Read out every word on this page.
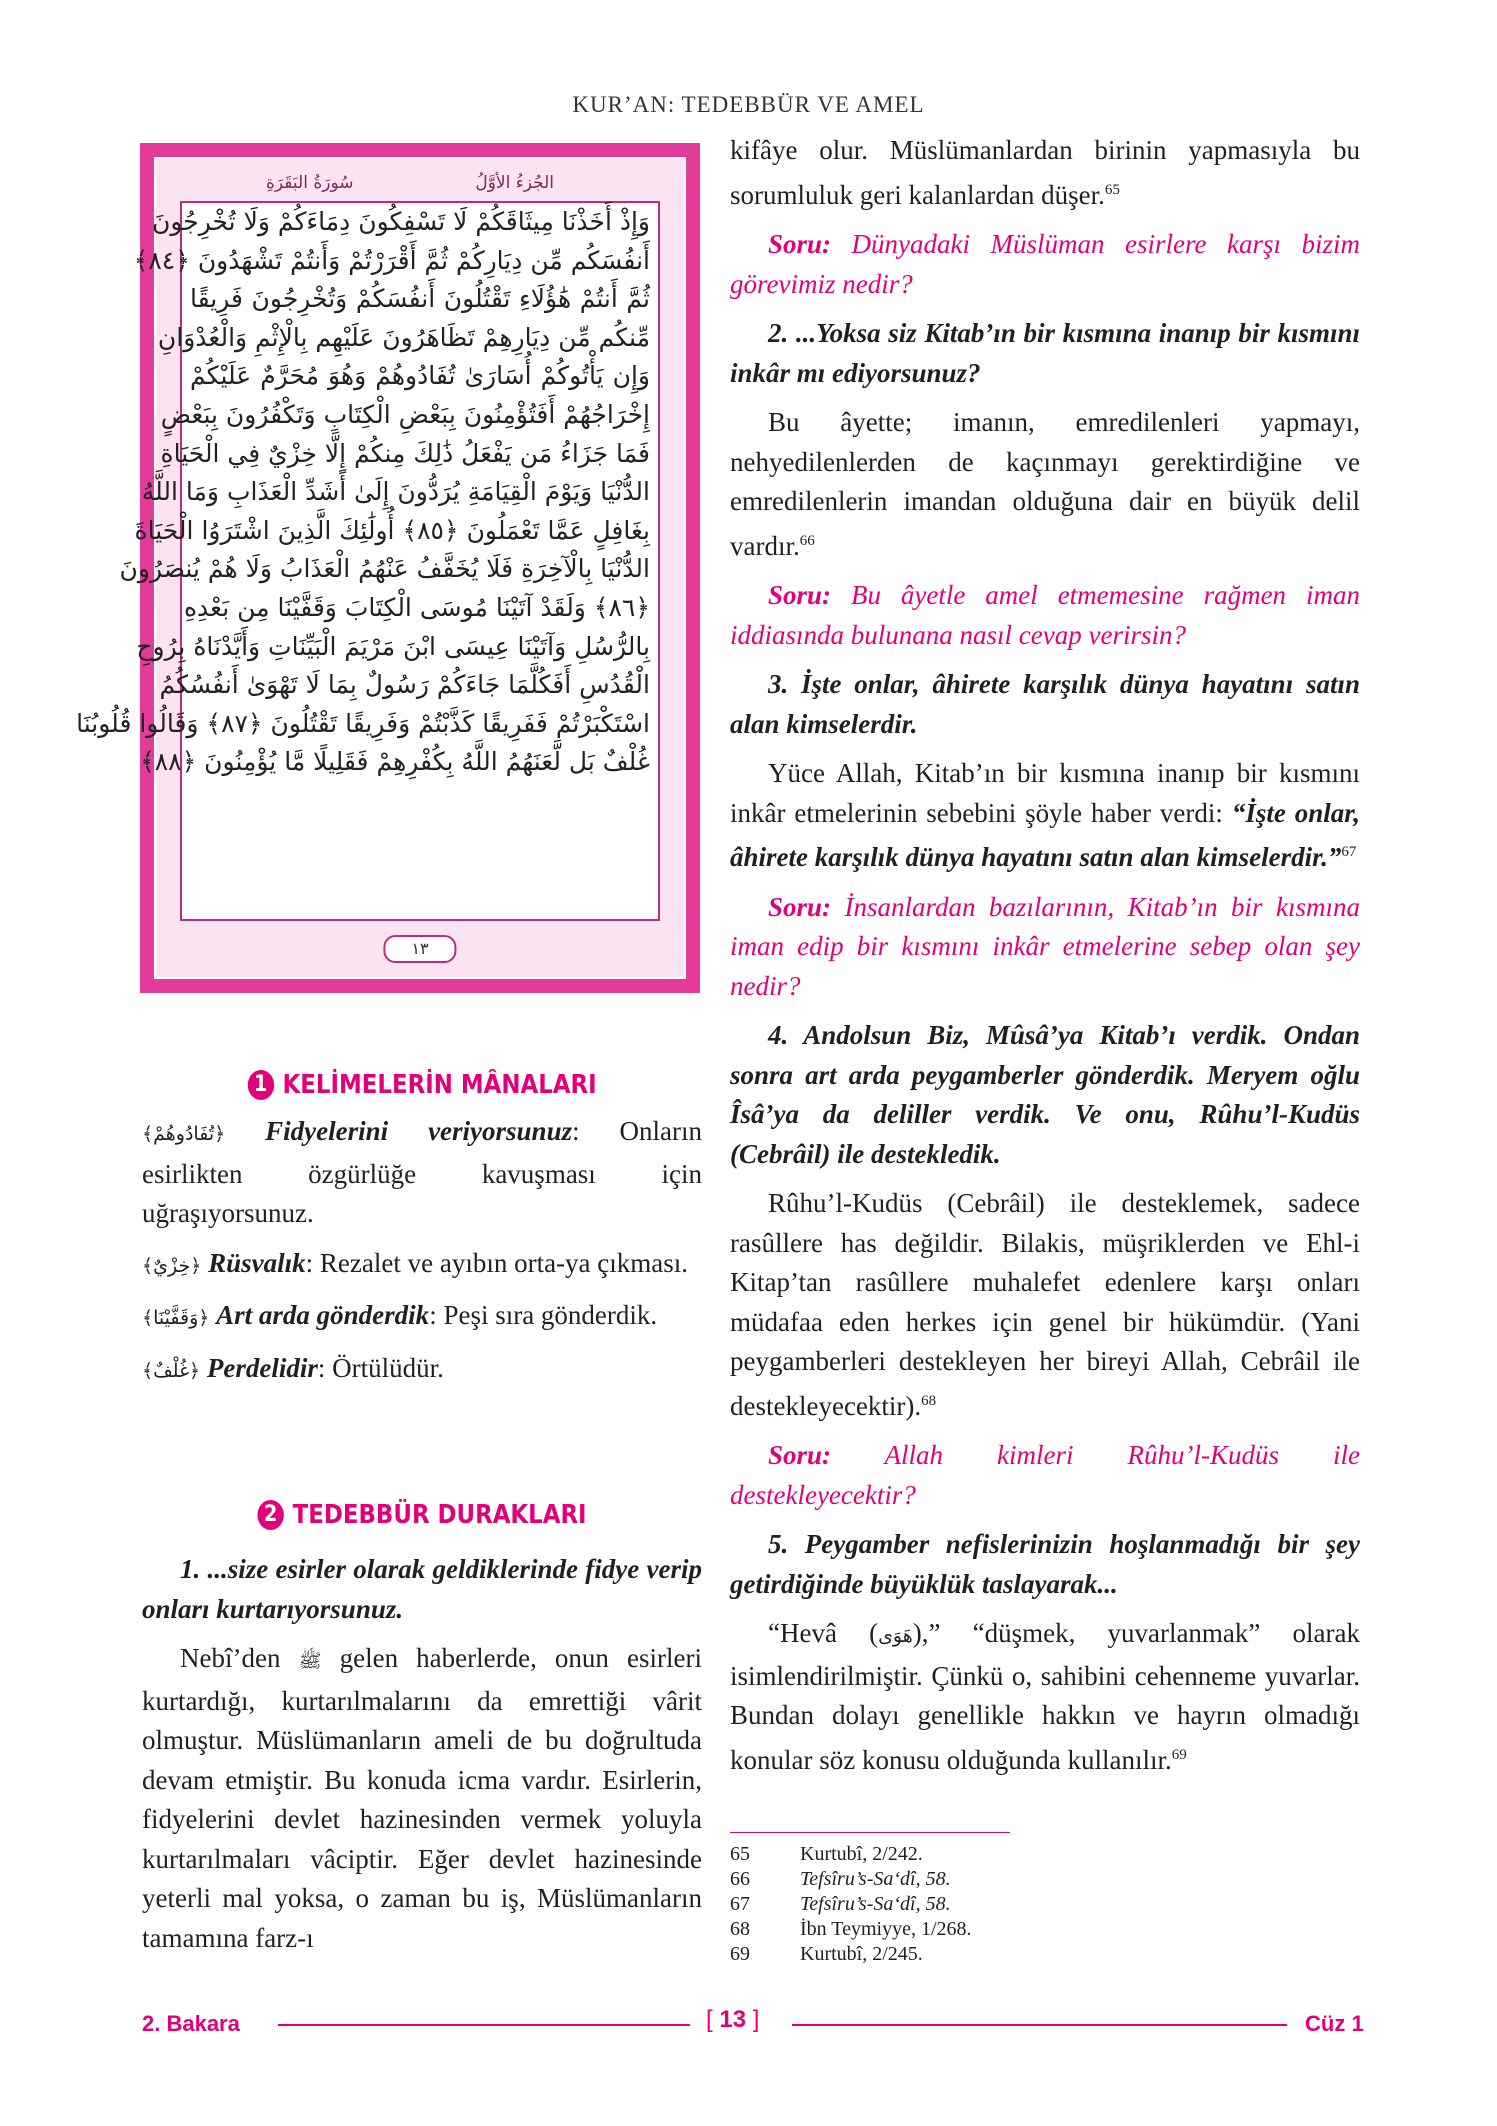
KUR’AN: TEDEBBÜR VE AMEL
الجُزءُ الأوَّلُ
سُورَةُ البَقَرَةِ
وَإِذْ أَخَذْنَا مِيثَاقَكُمْ لَا تَسْفِكُونَ دِمَاءَكُمْ وَلَا تُخْرِجُونَ
أَنفُسَكُم مِّن دِيَارِكُمْ ثُمَّ أَقْرَرْتُمْ وَأَنتُمْ تَشْهَدُونَ ﴿٨٤﴾
ثُمَّ أَنتُمْ هَٰؤُلَاءِ تَقْتُلُونَ أَنفُسَكُمْ وَتُخْرِجُونَ فَرِيقًا
مِّنكُم مِّن دِيَارِهِمْ تَظَاهَرُونَ عَلَيْهِم بِالْإِثْمِ وَالْعُدْوَانِ
وَإِن يَأْتُوكُمْ أُسَارَىٰ تُفَادُوهُمْ وَهُوَ مُحَرَّمٌ عَلَيْكُمْ
إِخْرَاجُهُمْ أَفَتُؤْمِنُونَ بِبَعْضِ الْكِتَابِ وَتَكْفُرُونَ بِبَعْضٍ
فَمَا جَزَاءُ مَن يَفْعَلُ ذَٰلِكَ مِنكُمْ إِلَّا خِزْيٌ فِي الْحَيَاةِ
الدُّنْيَا وَيَوْمَ الْقِيَامَةِ يُرَدُّونَ إِلَىٰ أَشَدِّ الْعَذَابِ وَمَا اللَّهُ
بِغَافِلٍ عَمَّا تَعْمَلُونَ ﴿٨٥﴾ أُولَٰئِكَ الَّذِينَ اشْتَرَوُا الْحَيَاةَ
الدُّنْيَا بِالْآخِرَةِ فَلَا يُخَفَّفُ عَنْهُمُ الْعَذَابُ وَلَا هُمْ يُنصَرُونَ
﴿٨٦﴾ وَلَقَدْ آتَيْنَا مُوسَى الْكِتَابَ وَقَفَّيْنَا مِن بَعْدِهِ
بِالرُّسُلِ وَآتَيْنَا عِيسَى ابْنَ مَرْيَمَ الْبَيِّنَاتِ وَأَيَّدْنَاهُ بِرُوحِ
الْقُدُسِ أَفَكُلَّمَا جَاءَكُمْ رَسُولٌ بِمَا لَا تَهْوَىٰ أَنفُسُكُمُ
اسْتَكْبَرْتُمْ فَفَرِيقًا كَذَّبْتُمْ وَفَرِيقًا تَقْتُلُونَ ﴿٨٧﴾ وَقَالُوا قُلُوبُنَا
غُلْفٌ بَل لَّعَنَهُمُ اللَّهُ بِكُفْرِهِمْ فَقَلِيلًا مَّا يُؤْمِنُونَ ﴿٨٨﴾
١٣
1 KELİMELERİN MÂNALARI

﴿تُفَادُوهُمْ﴾ Fidyelerini veriyorsunuz: Onların esirlikten özgürlüğe kavuşması için uğraşıyorsunuz.

﴿خِزْيٌ﴾ Rüsvalık: Rezalet ve ayıbın orta-ya çıkması.

﴿وَقَفَّيْنَا﴾ Art arda gönderdik: Peşi sıra gönderdik.

﴿غُلْفٌ﴾ Perdelidir: Örtülüdür.

2 TEDEBBÜR DURAKLARI

1. ...size esirler olarak geldiklerinde fidye verip onları kurtarıyorsunuz.

Nebî’den ﷺ gelen haberlerde, onun esirleri kurtardığı, kurtarılmalarını da emrettiği vârit olmuştur. Müslümanların ameli de bu doğrultuda devam etmiştir. Bu konuda icma vardır. Esirlerin, fidyelerini devlet hazinesinden vermek yoluyla kurtarılmaları vâciptir. Eğer devlet hazinesinde yeterli mal yoksa, o zaman bu iş, Müslümanların tamamına farz-ı

kifâye olur. Müslümanlardan birinin yapmasıyla bu sorumluluk geri kalanlardan düşer.$^{65}$

Soru: Dünyadaki Müslüman esirlere karşı bizim görevimiz nedir?

2. ...Yoksa siz Kitab’ın bir kısmına inanıp bir kısmını inkâr mı ediyorsunuz?

Bu âyette; imanın, emredilenleri yapmayı, nehyedilenlerden de kaçınmayı gerektirdiğine ve emredilenlerin imandan olduğuna dair en büyük delil vardır.$^{66}$

Soru: Bu âyetle amel etmemesine rağmen iman iddiasında bulunana nasıl cevap verirsin?

3. İşte onlar, âhirete karşılık dünya hayatını satın alan kimselerdir.

Yüce Allah, Kitab’ın bir kısmına inanıp bir kısmını inkâr etmelerinin sebebini şöyle haber verdi: “İşte onlar, âhirete karşılık dünya hayatını satın alan kimselerdir.”$^{67}$

Soru: İnsanlardan bazılarının, Kitab’ın bir kısmına iman edip bir kısmını inkâr etmelerine sebep olan şey nedir?

4. Andolsun Biz, Mûsâ’ya Kitab’ı verdik. Ondan sonra art arda peygamberler gönderdik. Meryem oğlu Îsâ’ya da deliller verdik. Ve onu, Rûhu’l-Kudüs (Cebrâil) ile destekledik.

Rûhu’l-Kudüs (Cebrâil) ile desteklemek, sadece rasûllere has değildir. Bilakis, müşriklerden ve Ehl-i Kitap’tan rasûllere muhalefet edenlere karşı onları müdafaa eden herkes için genel bir hükümdür. (Yani peygamberleri destekleyen her bireyi Allah, Cebrâil ile destekleyecektir).$^{68}$

Soru: Allah kimleri Rûhu’l-Kudüs ile destekleyecektir?

5. Peygamber nefislerinizin hoşlanmadığı bir şey getirdiğinde büyüklük taslayarak...

“Hevâ (هَوَى),” “düşmek, yuvarlanmak” olarak isimlendirilmiştir. Çünkü o, sahibini cehenneme yuvarlar. Bundan dolayı genellikle hakkın ve hayrın olmadığı konular söz konusu olduğunda kullanılır.$^{69}$

65	Kurtubî, 2/242.
66	Tefsîru’s-Sa‘dî, 58.
67	Tefsîru’s-Sa‘dî, 58.
68	İbn Teymiyye, 1/268.
69	Kurtubî, 2/245.
2. Bakara	[ 13 ]	Cüz 1
